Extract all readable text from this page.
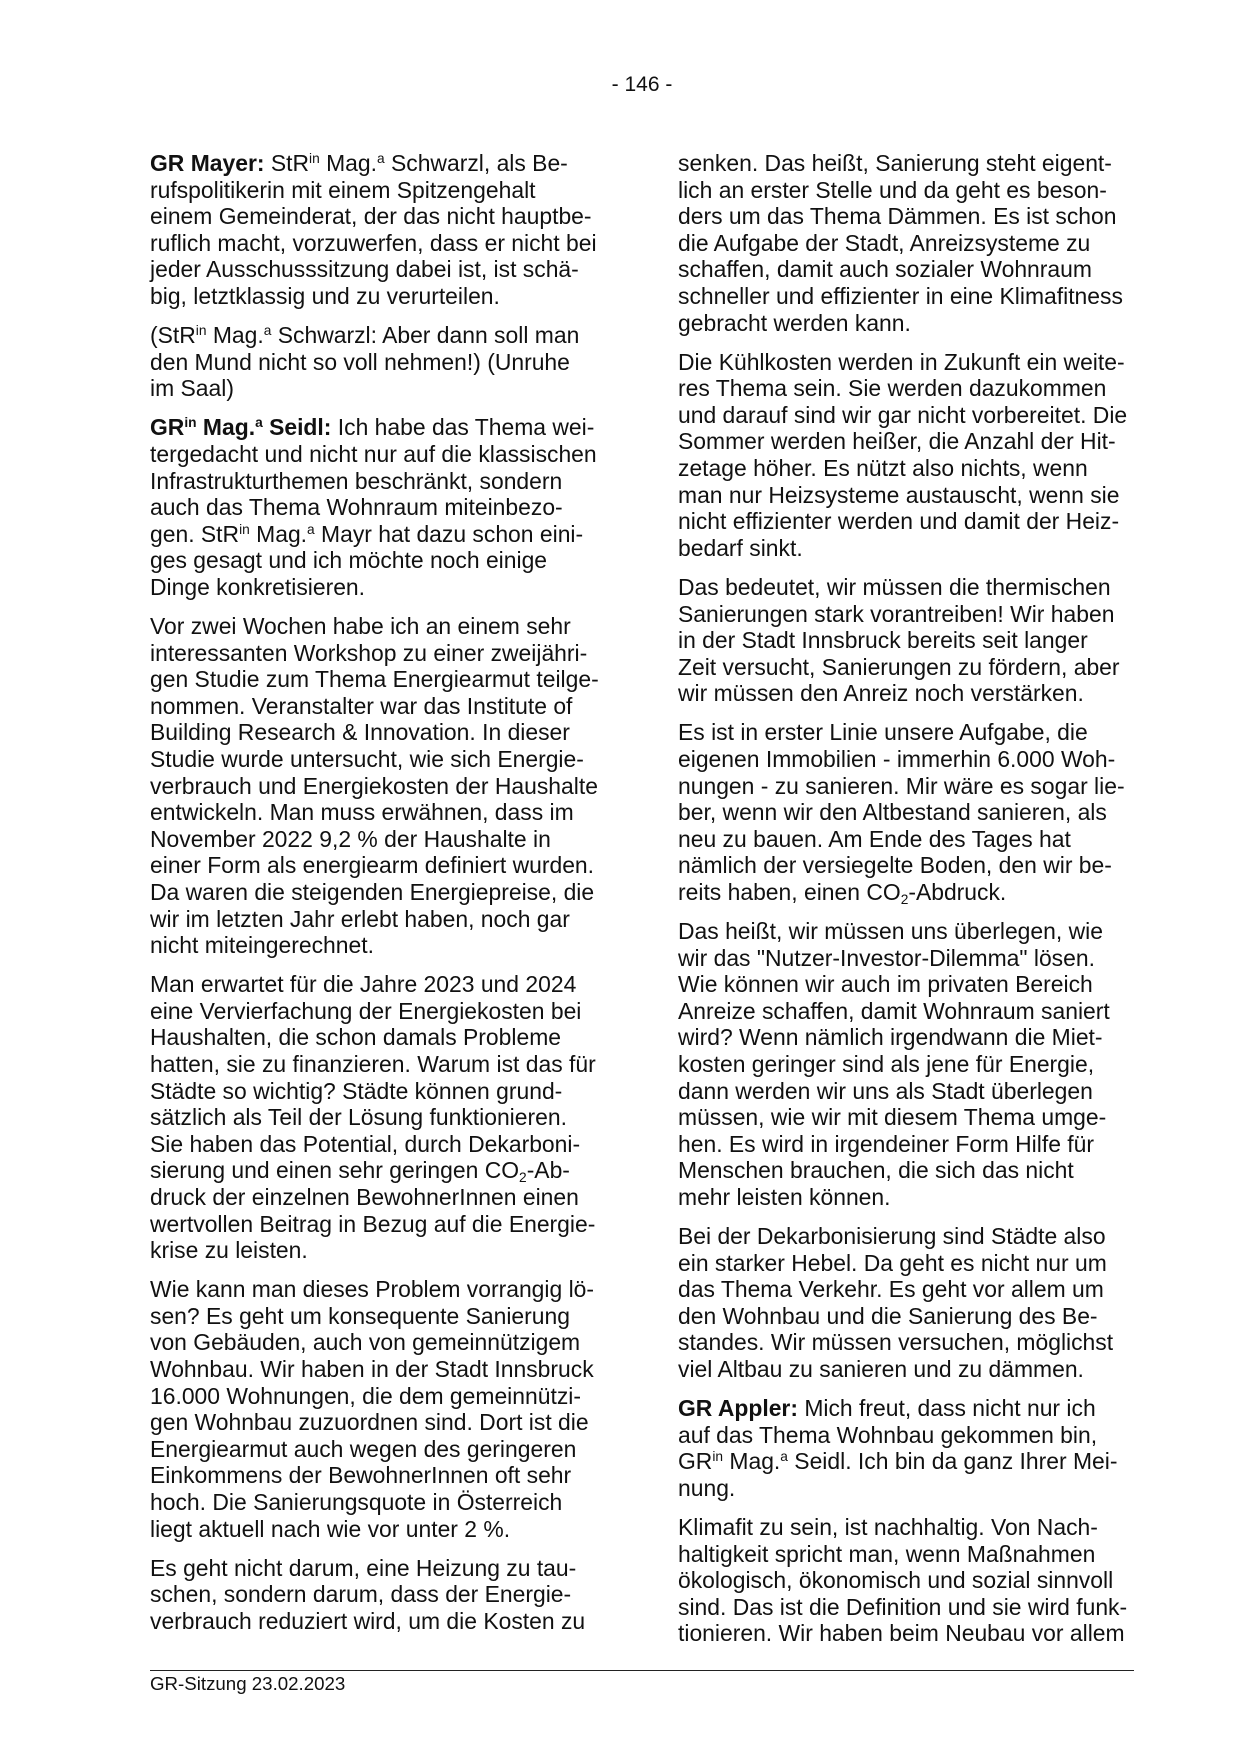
- 146 -
GR Mayer: StR$^{in}$ Mag.$^a$ Schwarzl, als Be-
rufspolitikerin mit einem Spitzengehalt
einem Gemeinderat, der das nicht hauptbe-
ruflich macht, vorzuwerfen, dass er nicht bei
jeder Ausschusssitzung dabei ist, ist schä-
big, letztklassig und zu verurteilen.
(StR$^{in}$ Mag.$^a$ Schwarzl: Aber dann soll man
den Mund nicht so voll nehmen!) (Unruhe
im Saal)
$GR^{in}$ Mag.$^a$ Seidl: Ich habe das Thema wei-
tergedacht und nicht nur auf die klassischen
Infrastrukturthemen beschränkt, sondern
auch das Thema Wohnraum miteinbezo-
gen. StR$^{in}$ Mag.$^a$ Mayr hat dazu schon eini-
ges gesagt und ich möchte noch einige
Dinge konkretisieren.
Vor zwei Wochen habe ich an einem sehr
interessanten Workshop zu einer zweijähri-
gen Studie zum Thema Energiearmut teilge-
nommen. Veranstalter war das Institute of
Building Research & Innovation. In dieser
Studie wurde untersucht, wie sich Energie-
verbrauch und Energiekosten der Haushalte
entwickeln. Man muss erwähnen, dass im
November 2022 9,2 % der Haushalte in
einer Form als energiearm definiert wurden.
Da waren die steigenden Energiepreise, die
wir im letzten Jahr erlebt haben, noch gar
nicht miteingerechnet.
Man erwartet für die Jahre 2023 und 2024
eine Vervierfachung der Energiekosten bei
Haushalten, die schon damals Probleme
hatten, sie zu finanzieren. Warum ist das für
Städte so wichtig? Städte können grund-
sätzlich als Teil der Lösung funktionieren.
Sie haben das Potential, durch Dekarboni-
sierung und einen sehr geringen CO2-Ab-
druck der einzelnen BewohnerInnen einen
wertvollen Beitrag in Bezug auf die Energie-
krise zu leisten.
Wie kann man dieses Problem vorrangig lö-
sen? Es geht um konsequente Sanierung
von Gebäuden, auch von gemeinnützigem
Wohnbau. Wir haben in der Stadt Innsbruck
16.000 Wohnungen, die dem gemeinnützi-
gen Wohnbau zuzuordnen sind. Dort ist die
Energiearmut auch wegen des geringeren
Einkommens der BewohnerInnen oft sehr
hoch. Die Sanierungsquote in Österreich
liegt aktuell nach wie vor unter 2 %.
Es geht nicht darum, eine Heizung zu tau-
schen, sondern darum, dass der Energie-
verbrauch reduziert wird, um die Kosten zu
senken. Das heißt, Sanierung steht eigent-
lich an erster Stelle und da geht es beson-
ders um das Thema Dämmen. Es ist schon
die Aufgabe der Stadt, Anreizsysteme zu
schaffen, damit auch sozialer Wohnraum
schneller und effizienter in eine Klimafitness
gebracht werden kann.
Die Kühlkosten werden in Zukunft ein weite-
res Thema sein. Sie werden dazukommen
und darauf sind wir gar nicht vorbereitet. Die
Sommer werden heißer, die Anzahl der Hit-
zetage höher. Es nützt also nichts, wenn
man nur Heizsysteme austauscht, wenn sie
nicht effizienter werden und damit der Heiz-
bedarf sinkt.
Das bedeutet, wir müssen die thermischen
Sanierungen stark vorantreiben! Wir haben
in der Stadt Innsbruck bereits seit langer
Zeit versucht, Sanierungen zu fördern, aber
wir müssen den Anreiz noch verstärken.
Es ist in erster Linie unsere Aufgabe, die
eigenen Immobilien - immerhin 6.000 Woh-
nungen - zu sanieren. Mir wäre es sogar lie-
ber, wenn wir den Altbestand sanieren, als
neu zu bauen. Am Ende des Tages hat
nämlich der versiegelte Boden, den wir be-
reits haben, einen CO2-Abdruck.
Das heißt, wir müssen uns überlegen, wie
wir das "Nutzer-Investor-Dilemma" lösen.
Wie können wir auch im privaten Bereich
Anreize schaffen, damit Wohnraum saniert
wird? Wenn nämlich irgendwann die Miet-
kosten geringer sind als jene für Energie,
dann werden wir uns als Stadt überlegen
müssen, wie wir mit diesem Thema umge-
hen. Es wird in irgendeiner Form Hilfe für
Menschen brauchen, die sich das nicht
mehr leisten können.
Bei der Dekarbonisierung sind Städte also
ein starker Hebel. Da geht es nicht nur um
das Thema Verkehr. Es geht vor allem um
den Wohnbau und die Sanierung des Be-
standes. Wir müssen versuchen, möglichst
viel Altbau zu sanieren und zu dämmen.
GR Appler: Mich freut, dass nicht nur ich
auf das Thema Wohnbau gekommen bin,
$GR^{in}$ Mag.$^a$ Seidl. Ich bin da ganz Ihrer Mei-
nung.
Klimafit zu sein, ist nachhaltig. Von Nach-
haltigkeit spricht man, wenn Maßnahmen
ökologisch, ökonomisch und sozial sinnvoll
sind. Das ist die Definition und sie wird funk-
tionieren. Wir haben beim Neubau vor allem
GR-Sitzung 23.02.2023
